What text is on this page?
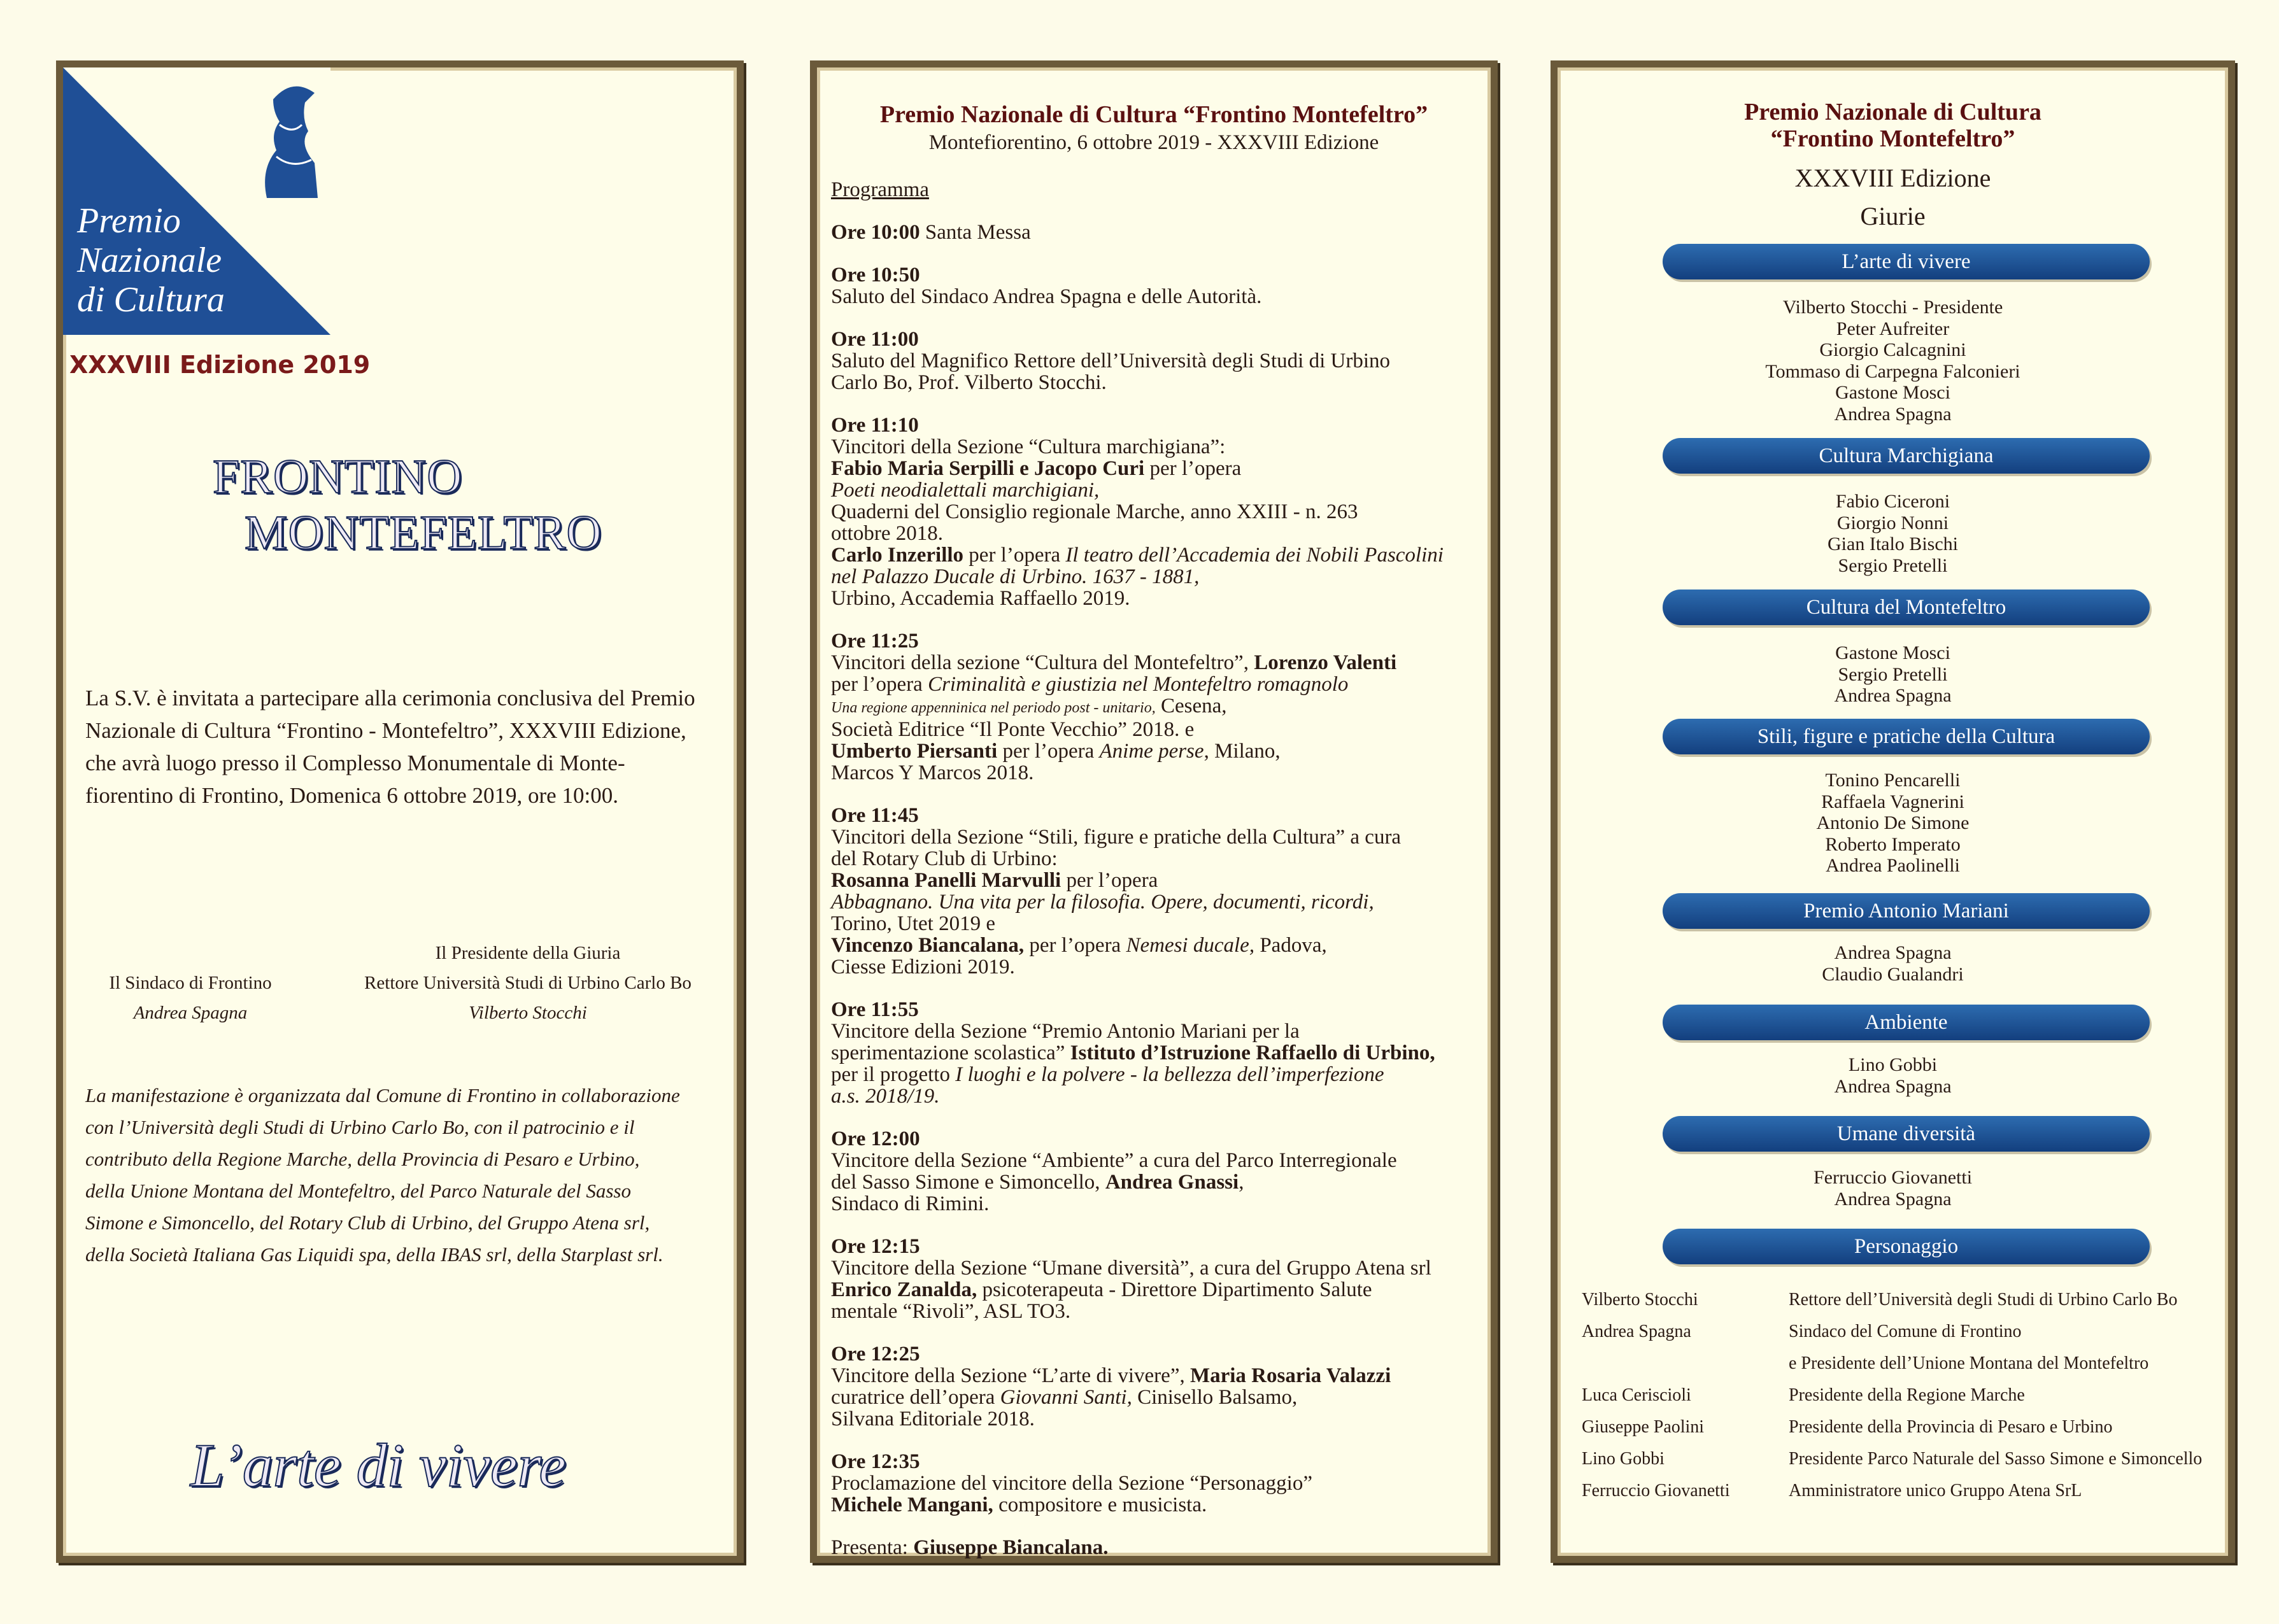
Premio
Nazionale
di Cultura
XXXVIII Edizione 2019
FRONTINO
MONTEFELTRO
La S.V. è invitata a partecipare alla cerimonia conclusiva del Premio
Nazionale di Cultura “Frontino - Montefeltro”, XXXVIII Edizione,
che avrà luogo presso il Complesso Monumentale di Monte-
fiorentino di Frontino, Domenica 6 ottobre 2019, ore 10:00.
Il Sindaco di Frontino
Andrea Spagna
Il Presidente della Giuria
Rettore Università Studi di Urbino Carlo Bo
Vilberto Stocchi
La manifestazione è organizzata dal Comune di Frontino in collaborazione
con l’Università degli Studi di Urbino Carlo Bo, con il patrocinio e il
contributo della Regione Marche, della Provincia di Pesaro e Urbino,
della Unione Montana del Montefeltro, del Parco Naturale del Sasso
Simone e Simoncello, del Rotary Club di Urbino, del Gruppo Atena srl,
della Società Italiana Gas Liquidi spa, della IBAS srl, della Starplast srl.
L’arte di vivere
Premio Nazionale di Cultura “Frontino Montefeltro”
Montefiorentino, 6 ottobre 2019 - XXXVIII Edizione
Programma
Ore 10:00 Santa Messa
Ore 10:50
Saluto del Sindaco Andrea Spagna e delle Autorità.
Ore 11:00
Saluto del Magnifico Rettore dell’Università degli Studi di Urbino
Carlo Bo, Prof. Vilberto Stocchi.
Ore 11:10
Vincitori della Sezione “Cultura marchigiana”:
Fabio Maria Serpilli e Jacopo Curi per l’opera
Poeti neodialettali marchigiani,
Quaderni del Consiglio regionale Marche, anno XXIII - n. 263
ottobre 2018.
Carlo Inzerillo per l’opera Il teatro dell’Accademia dei Nobili Pascolini
nel Palazzo Ducale di Urbino. 1637 - 1881,
Urbino, Accademia Raffaello 2019.
Ore 11:25
Vincitori della sezione “Cultura del Montefeltro”, Lorenzo Valenti
per l’opera Criminalità e giustizia nel Montefeltro romagnolo
Una regione appenninica nel periodo post - unitario, Cesena,
Società Editrice “Il Ponte Vecchio” 2018. e
Umberto Piersanti per l’opera Anime perse, Milano,
Marcos Y Marcos 2018.
Ore 11:45
Vincitori della Sezione “Stili, figure e pratiche della Cultura” a cura
del Rotary Club di Urbino:
Rosanna Panelli Marvulli per l’opera
Abbagnano. Una vita per la filosofia. Opere, documenti, ricordi,
Torino, Utet 2019 e
Vincenzo Biancalana, per l’opera Nemesi ducale, Padova,
Ciesse Edizioni 2019.
Ore 11:55
Vincitore della Sezione “Premio Antonio Mariani per la
sperimentazione scolastica” Istituto d’Istruzione Raffaello di Urbino,
per il progetto I luoghi e la polvere - la bellezza dell’imperfezione
a.s. 2018/19.
Ore 12:00
Vincitore della Sezione “Ambiente” a cura del Parco Interregionale
del Sasso Simone e Simoncello, Andrea Gnassi,
Sindaco di Rimini.
Ore 12:15
Vincitore della Sezione “Umane diversità”, a cura del Gruppo Atena srl
Enrico Zanalda, psicoterapeuta - Direttore Dipartimento Salute
mentale “Rivoli”, ASL TO3.
Ore 12:25
Vincitore della Sezione “L’arte di vivere”, Maria Rosaria Valazzi
curatrice dell’opera Giovanni Santi, Cinisello Balsamo,
Silvana Editoriale 2018.
Ore 12:35
Proclamazione del vincitore della Sezione “Personaggio”
Michele Mangani, compositore e musicista.
Presenta: Giuseppe Biancalana.
Premio Nazionale di Cultura
“Frontino Montefeltro”
XXXVIII Edizione
Giurie
L’arte di vivere
Vilberto Stocchi - Presidente
Peter Aufreiter
Giorgio Calcagnini
Tommaso di Carpegna Falconieri
Gastone Mosci
Andrea Spagna
Cultura Marchigiana
Fabio Ciceroni
Giorgio Nonni
Gian Italo Bischi
Sergio Pretelli
Cultura del Montefeltro
Gastone Mosci
Sergio Pretelli
Andrea Spagna
Stili, figure e pratiche della Cultura
Tonino Pencarelli
Raffaela Vagnerini
Antonio De Simone
Roberto Imperato
Andrea Paolinelli
Premio Antonio Mariani
Andrea Spagna
Claudio Gualandri
Ambiente
Lino Gobbi
Andrea Spagna
Umane diversità
Ferruccio Giovanetti
Andrea Spagna
Personaggio
Vilberto Stocchi	Rettore dell’Università degli Studi di Urbino Carlo Bo
Andrea Spagna	Sindaco del Comune di Frontino
e Presidente dell’Unione Montana del Montefeltro
Luca Ceriscioli	Presidente della Regione Marche
Giuseppe Paolini	Presidente della Provincia di Pesaro e Urbino
Lino Gobbi	Presidente Parco Naturale del Sasso Simone e Simoncello
Ferruccio Giovanetti	Amministratore unico Gruppo Atena SrL
